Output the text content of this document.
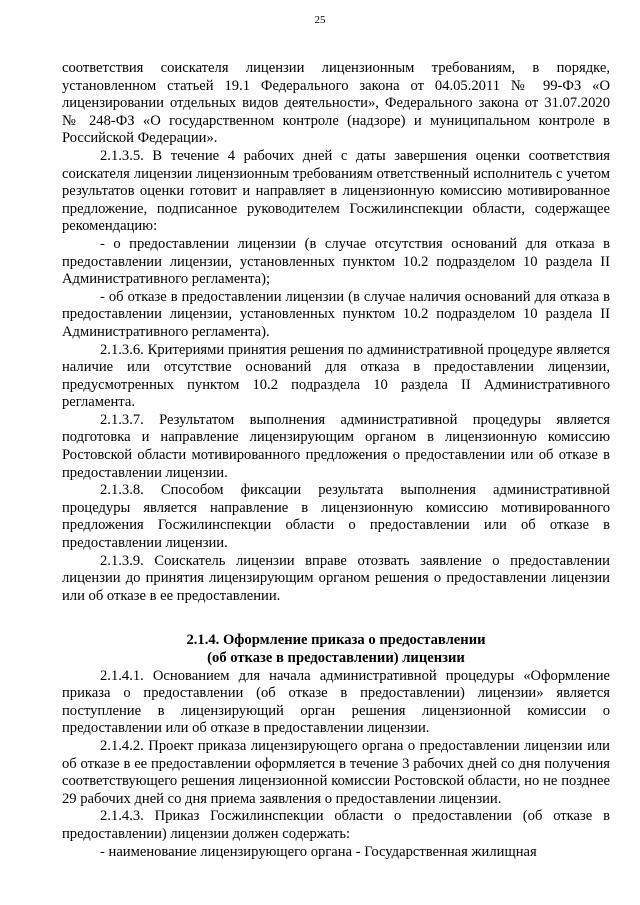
25

соответствия соискателя лицензии лицензионным требованиям, в порядке, установленном статьей 19.1 Федерального закона от 04.05.2011 № 99-ФЗ «О лицензировании отдельных видов деятельности», Федерального закона от 31.07.2020 № 248-ФЗ «О государственном контроле (надзоре) и муниципальном контроле в Российской Федерации».

2.1.3.5. В течение 4 рабочих дней с даты завершения оценки соответствия соискателя лицензии лицензионным требованиям ответственный исполнитель с учетом результатов оценки готовит и направляет в лицензионную комиссию мотивированное предложение, подписанное руководителем Госжилинспекции области, содержащее рекомендацию:

- о предоставлении лицензии (в случае отсутствия оснований для отказа в предоставлении лицензии, установленных пунктом 10.2 подразделом 10 раздела II Административного регламента);

- об отказе в предоставлении лицензии (в случае наличия оснований для отказа в предоставлении лицензии, установленных пунктом 10.2 подразделом 10 раздела II Административного регламента).

2.1.3.6. Критериями принятия решения по административной процедуре является наличие или отсутствие оснований для отказа в предоставлении лицензии, предусмотренных пунктом 10.2 подраздела 10 раздела II Административного регламента.

2.1.3.7. Результатом выполнения административной процедуры является подготовка и направление лицензирующим органом в лицензионную комиссию Ростовской области мотивированного предложения о предоставлении или об отказе в предоставлении лицензии.

2.1.3.8. Способом фиксации результата выполнения административной процедуры является направление в лицензионную комиссию мотивированного предложения Госжилинспекции области о предоставлении или об отказе в предоставлении лицензии.

2.1.3.9. Соискатель лицензии вправе отозвать заявление о предоставлении лицензии до принятия лицензирующим органом решения о предоставлении лицензии или об отказе в ее предоставлении.

2.1.4. Оформление приказа о предоставлении
(об отказе в предоставлении) лицензии

2.1.4.1. Основанием для начала административной процедуры «Оформление приказа о предоставлении (об отказе в предоставлении) лицензии» является поступление в лицензирующий орган решения лицензионной комиссии о предоставлении или об отказе в предоставлении лицензии.

2.1.4.2. Проект приказа лицензирующего органа о предоставлении лицензии или об отказе в ее предоставлении оформляется в течение 3 рабочих дней со дня получения соответствующего решения лицензионной комиссии Ростовской области, но не позднее 29 рабочих дней со дня приема заявления о предоставлении лицензии.

2.1.4.3. Приказ Госжилинспекции области о предоставлении (об отказе в предоставлении) лицензии должен содержать:

- наименование лицензирующего органа - Государственная жилищная
